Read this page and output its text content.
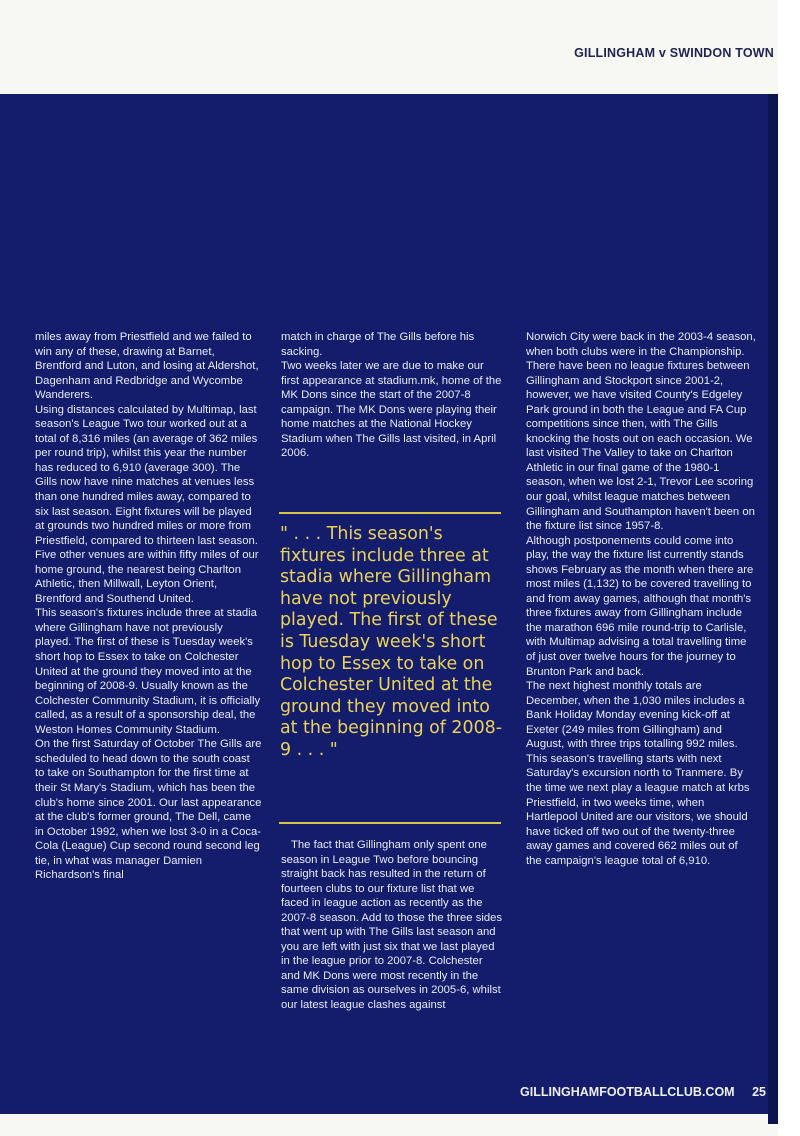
GILLINGHAM v SWINDON TOWN

miles away from Priestfield and we failed to win any of these, drawing at Barnet, Brentford and Luton, and losing at Aldershot, Dagenham and Redbridge and Wycombe Wanderers.

Using distances calculated by Multimap, last season's League Two tour worked out at a total of 8,316 miles (an average of 362 miles per round trip), whilst this year the number has reduced to 6,910 (average 300). The Gills now have nine matches at venues less than one hundred miles away, compared to six last season. Eight fixtures will be played at grounds two hundred miles or more from Priestfield, compared to thirteen last season. Five other venues are within fifty miles of our home ground, the nearest being Charlton Athletic, then Millwall, Leyton Orient, Brentford and Southend United.

This season's fixtures include three at stadia where Gillingham have not previously played. The first of these is Tuesday week's short hop to Essex to take on Colchester United at the ground they moved into at the beginning of 2008-9. Usually known as the Colchester Community Stadium, it is officially called, as a result of a sponsorship deal, the Weston Homes Community Stadium.

On the first Saturday of October The Gills are scheduled to head down to the south coast to take on Southampton for the first time at their St Mary's Stadium, which has been the club's home since 2001. Our last appearance at the club's former ground, The Dell, came in October 1992, when we lost 3-0 in a Coca-Cola (League) Cup second round second leg tie, in what was manager Damien Richardson's final

match in charge of The Gills before his sacking.

Two weeks later we are due to make our first appearance at stadium.mk, home of the MK Dons since the start of the 2007-8 campaign. The MK Dons were playing their home matches at the National Hockey Stadium when The Gills last visited, in April 2006.

" . . . This season's fixtures include three at stadia where Gillingham have not previously played. The first of these is Tuesday week's short hop to Essex to take on Colchester United at the ground they moved into at the beginning of 2008-9 . . . "

The fact that Gillingham only spent one season in League Two before bouncing straight back has resulted in the return of fourteen clubs to our fixture list that we faced in league action as recently as the 2007-8 season. Add to those the three sides that went up with The Gills last season and you are left with just six that we last played in the league prior to 2007-8. Colchester and MK Dons were most recently in the same division as ourselves in 2005-6, whilst our latest league clashes against

Norwich City were back in the 2003-4 season, when both clubs were in the Championship. There have been no league fixtures between Gillingham and Stockport since 2001-2, however, we have visited County's Edgeley Park ground in both the League and FA Cup competitions since then, with The Gills knocking the hosts out on each occasion. We last visited The Valley to take on Charlton Athletic in our final game of the 1980-1 season, when we lost 2-1, Trevor Lee scoring our goal, whilst league matches between Gillingham and Southampton haven't been on the fixture list since 1957-8.

Although postponements could come into play, the way the fixture list currently stands shows February as the month when there are most miles (1,132) to be covered travelling to and from away games, although that month's three fixtures away from Gillingham include the marathon 696 mile round-trip to Carlisle, with Multimap advising a total travelling time of just over twelve hours for the journey to Brunton Park and back.

The next highest monthly totals are December, when the 1,030 miles includes a Bank Holiday Monday evening kick-off at Exeter (249 miles from Gillingham) and August, with three trips totalling 992 miles.

This season's travelling starts with next Saturday's excursion north to Tranmere. By the time we next play a league match at krbs Priestfield, in two weeks time, when Hartlepool United are our visitors, we should have ticked off two out of the twenty-three away games and covered 662 miles out of the campaign's league total of 6,910.

GILLINGHAMFOOTBALLCLUB.COM 25
